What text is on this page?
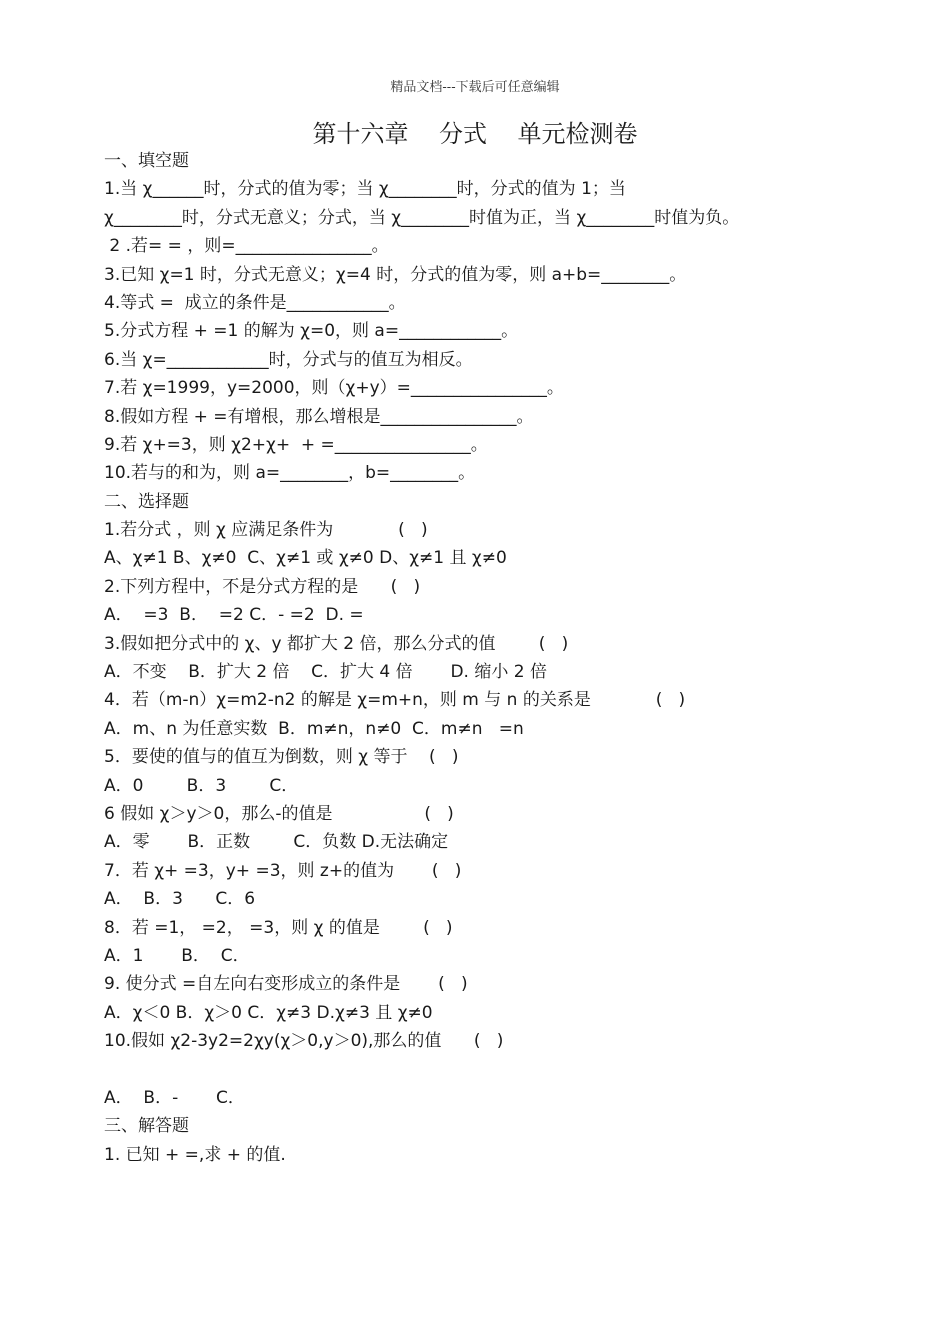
精品文档---下载后可任意编辑
第十六章    分式    单元检测卷
一、填空题
1.当 χ______时，分式的值为零；当 χ________时，分式的值为 1；当
χ________时，分式无意义；分式，当 χ________时值为正，当 χ________时值为负。
2 .若= = ，则=________________。
3.已知 χ=1 时，分式无意义；χ=4 时，分式的值为零，则 a+b=________。
4.等式 =  成立的条件是____________。
5.分式方程 + =1 的解为 χ=0，则 a=____________。
6.当 χ=____________时，分式与的值互为相反。
7.若 χ=1999，y=2000，则（χ+y）=________________。
8.假如方程 + =有增根，那么增根是________________。
9.若 χ+=3，则 χ2+χ+  + =________________。
10.若与的和为，则 a=________，b=________。
二、选择题
1.若分式 ，则 χ 应满足条件为            (   )
A、χ≠1 B、χ≠0  C、χ≠1 或 χ≠0 D、χ≠1 且 χ≠0
2.下列方程中，不是分式方程的是      (   )
A．  =3  B．  =2 C．- =2  D. =
3.假如把分式中的 χ、y 都扩大 2 倍，那么分式的值        (   )
A．不变    B．扩大 2 倍    C．扩大 4 倍       D. 缩小 2 倍
4．若（m-n）χ=m2-n2 的解是 χ=m+n，则 m 与 n 的关系是            (   )
A．m、n 为任意实数  B．m≠n，n≠0  C．m≠n   =n
5．要使的值与的值互为倒数，则 χ 等于    (   )
A．0        B．3        C．
6 假如 χ＞y＞0，那么-的值是                 (   )
A．零       B．正数        C．负数 D.无法确定
7．若 χ+ =3，y+ =3，则 z+的值为       (   )
A．  B．3      C．6
8．若 =1， =2， =3，则 χ 的值是        (   )
A．1       B．  C．
9. 使分式 =自左向右变形成立的条件是       (   )
A．χ＜0 B．χ＞0 C．χ≠3 D.χ≠3 且 χ≠0
10.假如 χ2-3y2=2χy(χ＞0,y＞0),那么的值      (   )
A．  B．-       C．
三、解答题
1. 已知 + =,求 + 的值.
